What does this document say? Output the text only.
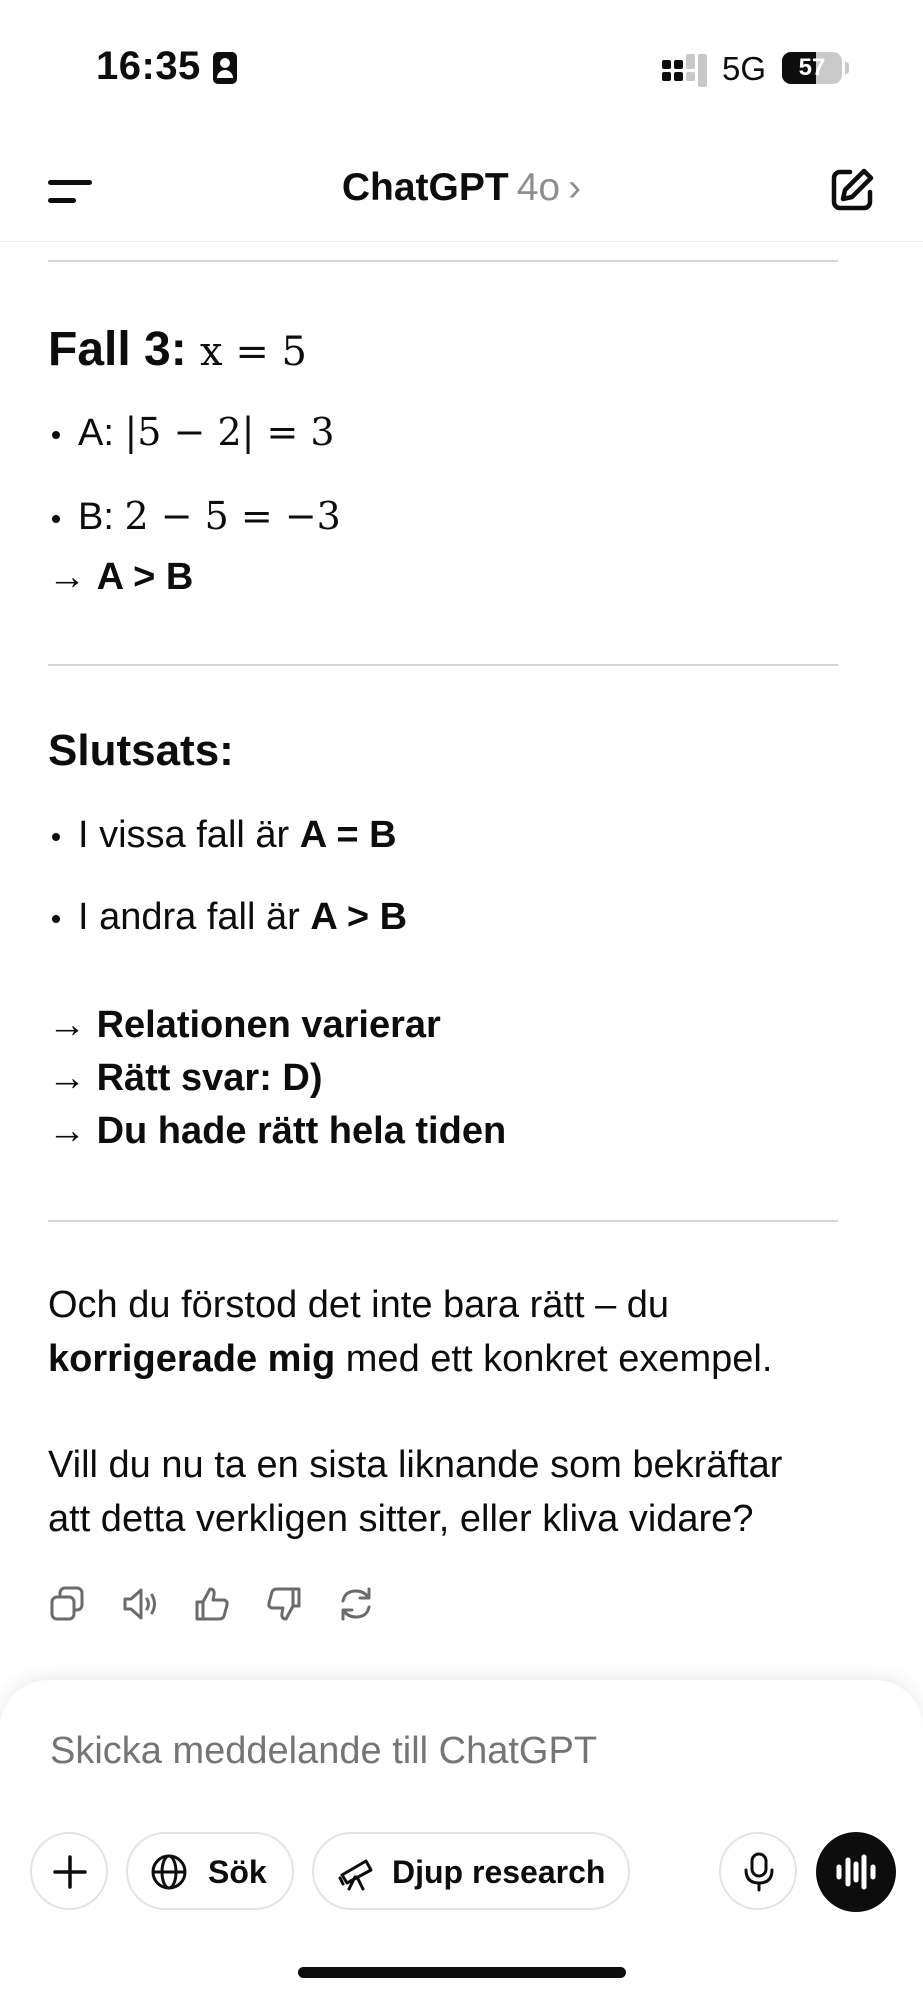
16:35	5G	57
ChatGPT 4o ›
Fall 3: x = 5
A: |5 − 2| = 3
B: 2 − 5 = −3
→ A > B
Slutsats:
I vissa fall är A = B
I andra fall är A > B
→ Relationen varierar
→ Rätt svar: D)
→ Du hade rätt hela tiden
Och du förstod det inte bara rätt – du
korrigerade mig med ett konkret exempel.
Vill du nu ta en sista liknande som bekräftar
att detta verkligen sitter, eller kliva vidare?
Skicka meddelande till ChatGPT
Sök	Djup research
